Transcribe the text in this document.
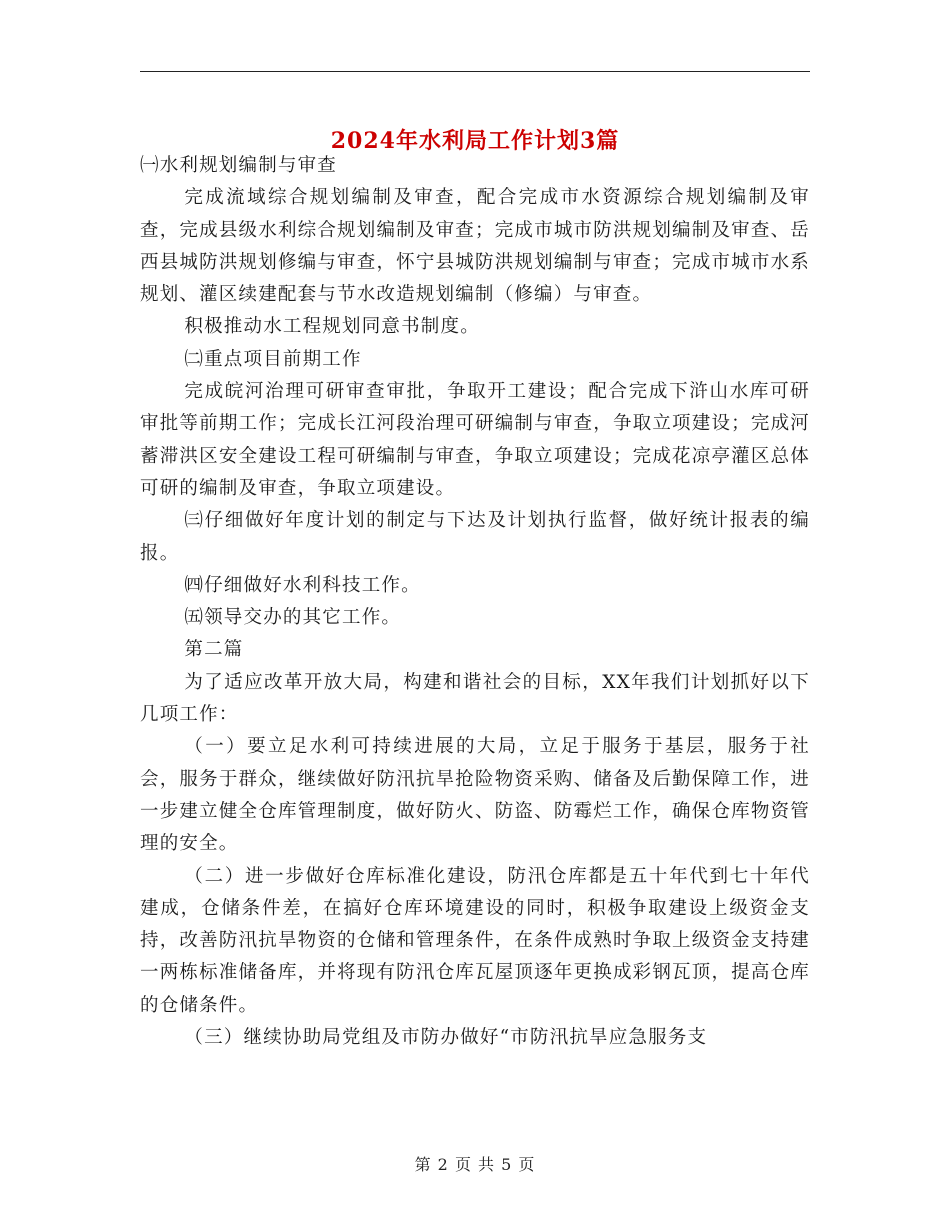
2024年水利局工作计划3篇

㈠水利规划编制与审查

完成流域综合规划编制及审查，配合完成市水资源综合规划编制及审查，完成县级水利综合规划编制及审查；完成市城市防洪规划编制及审查、岳西县城防洪规划修编与审查，怀宁县城防洪规划编制与审查；完成市城市水系规划、灌区续建配套与节水改造规划编制（修编）与审查。

积极推动水工程规划同意书制度。

㈡重点项目前期工作

完成皖河治理可研审查审批，争取开工建设；配合完成下浒山水库可研审批等前期工作；完成长江河段治理可研编制与审查，争取立项建设；完成河蓄滞洪区安全建设工程可研编制与审查，争取立项建设；完成花凉亭灌区总体可研的编制及审查，争取立项建设。

㈢仔细做好年度计划的制定与下达及计划执行监督，做好统计报表的编报。

㈣仔细做好水利科技工作。

㈤领导交办的其它工作。

第二篇

为了适应改革开放大局，构建和谐社会的目标，XX年我们计划抓好以下几项工作：

（一）要立足水利可持续进展的大局，立足于服务于基层，服务于社会，服务于群众，继续做好防汛抗旱抢险物资采购、储备及后勤保障工作，进一步建立健全仓库管理制度，做好防火、防盗、防霉烂工作，确保仓库物资管理的安全。

（二）进一步做好仓库标准化建设，防汛仓库都是五十年代到七十年代建成，仓储条件差，在搞好仓库环境建设的同时，积极争取建设上级资金支持，改善防汛抗旱物资的仓储和管理条件，在条件成熟时争取上级资金支持建一两栋标准储备库，并将现有防汛仓库瓦屋顶逐年更换成彩钢瓦顶，提高仓库的仓储条件。

（三）继续协助局党组及市防办做好“市防汛抗旱应急服务支

第 2 页 共 5 页
